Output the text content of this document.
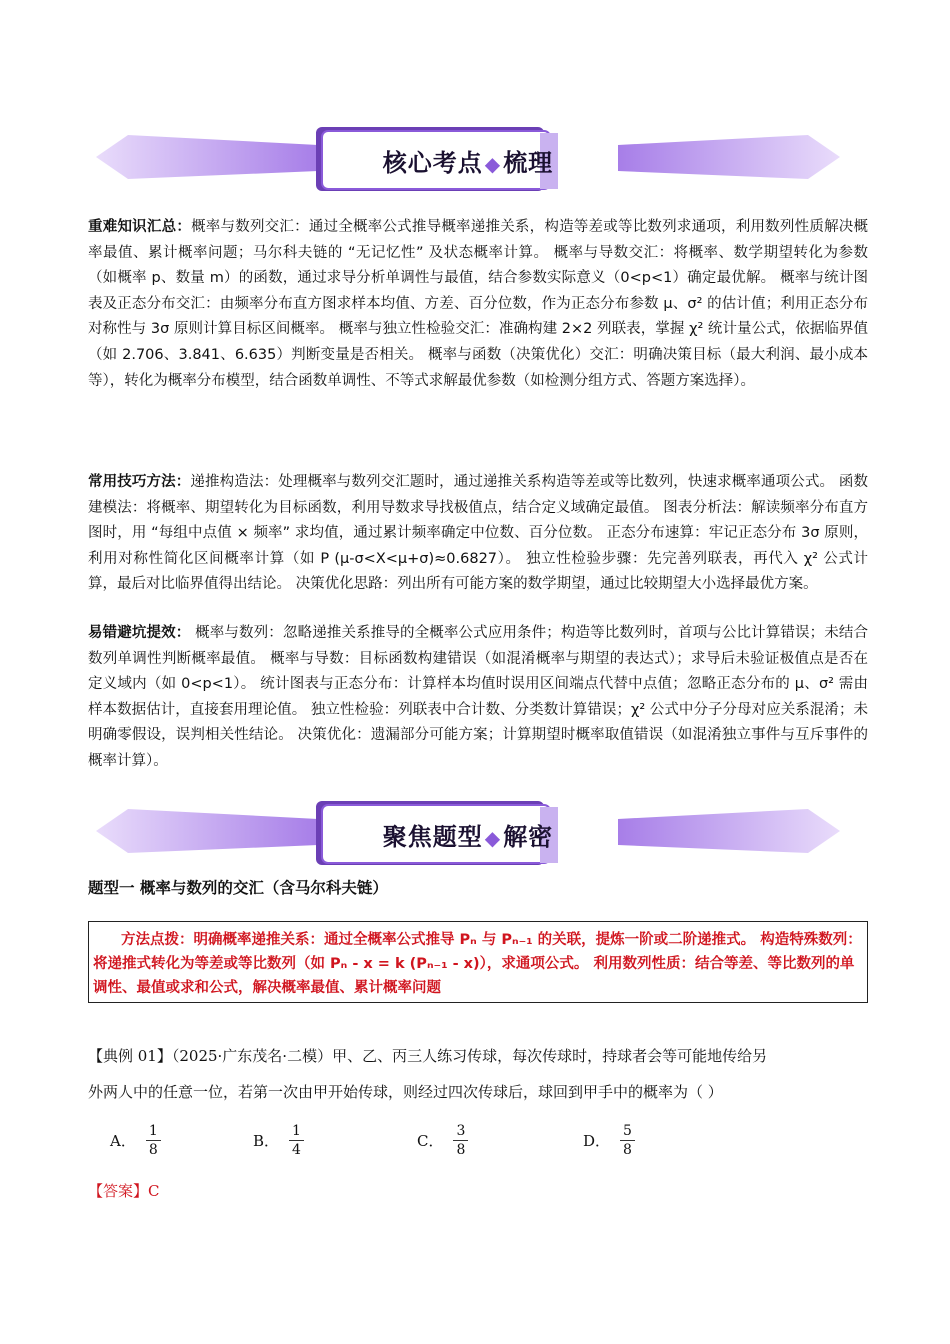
核心考点 ◆梳理
重难知识汇总：概率与数列交汇：通过全概率公式推导概率递推关系，构造等差或等比数列求通项，利用数列性质解决概率最值、累计概率问题；马尔科夫链的 “无记忆性” 及状态概率计算。 概率与导数交汇：将概率、数学期望转化为参数（如概率 p、数量 m）的函数，通过求导分析单调性与最值，结合参数实际意义（0<p<1）确定最优解。 概率与统计图表及正态分布交汇：由频率分布直方图求样本均值、方差、百分位数，作为正态分布参数 μ、σ² 的估计值；利用正态分布对称性与 3σ 原则计算目标区间概率。 概率与独立性检验交汇：准确构建 2×2 列联表，掌握 χ² 统计量公式，依据临界值（如 2.706、3.841、6.635）判断变量是否相关。 概率与函数（决策优化）交汇：明确决策目标（最大利润、最小成本等），转化为概率分布模型，结合函数单调性、不等式求解最优参数（如检测分组方式、答题方案选择）。
常用技巧方法：递推构造法：处理概率与数列交汇题时，通过递推关系构造等差或等比数列，快速求概率通项公式。 函数建模法：将概率、期望转化为目标函数，利用导数求导找极值点，结合定义域确定最值。 图表分析法：解读频率分布直方图时，用 “每组中点值 × 频率” 求均值，通过累计频率确定中位数、百分位数。 正态分布速算：牢记正态分布 3σ 原则，利用对称性简化区间概率计算（如 P (μ-σ<X<μ+σ)≈0.6827）。 独立性检验步骤：先完善列联表，再代入 χ² 公式计算，最后对比临界值得出结论。 决策优化思路：列出所有可能方案的数学期望，通过比较期望大小选择最优方案。
易错避坑提效： 概率与数列：忽略递推关系推导的全概率公式应用条件；构造等比数列时，首项与公比计算错误；未结合数列单调性判断概率最值。 概率与导数：目标函数构建错误（如混淆概率与期望的表达式）；求导后未验证极值点是否在定义域内（如 0<p<1）。 统计图表与正态分布：计算样本均值时误用区间端点代替中点值；忽略正态分布的 μ、σ² 需由样本数据估计，直接套用理论值。 独立性检验：列联表中合计数、分类数计算错误；χ² 公式中分子分母对应关系混淆；未明确零假设，误判相关性结论。 决策优化：遗漏部分可能方案；计算期望时概率取值错误（如混淆独立事件与互斥事件的概率计算）。
聚焦题型 ◆解密
题型一 概率与数列的交汇（含马尔科夫链）
方法点拨：明确概率递推关系：通过全概率公式推导 Pₙ 与 Pₙ₋₁ 的关联，提炼一阶或二阶递推式。 构造特殊数列：将递推式转化为等差或等比数列（如 Pₙ - x = k (Pₙ₋₁ - x)），求通项公式。 利用数列性质：结合等差、等比数列的单调性、最值或求和公式，解决概率最值、累计概率问题
【典例 01】（2025·广东茂名·二模）甲、乙、丙三人练习传球，每次传球时，持球者会等可能地传给另
外两人中的任意一位，若第一次由甲开始传球，则经过四次传球后，球回到甲手中的概率为（ ）
A． $\frac{1}{8}$	B． $\frac{1}{4}$	C． $\frac{3}{8}$	D． $\frac{5}{8}$
【答案】C
